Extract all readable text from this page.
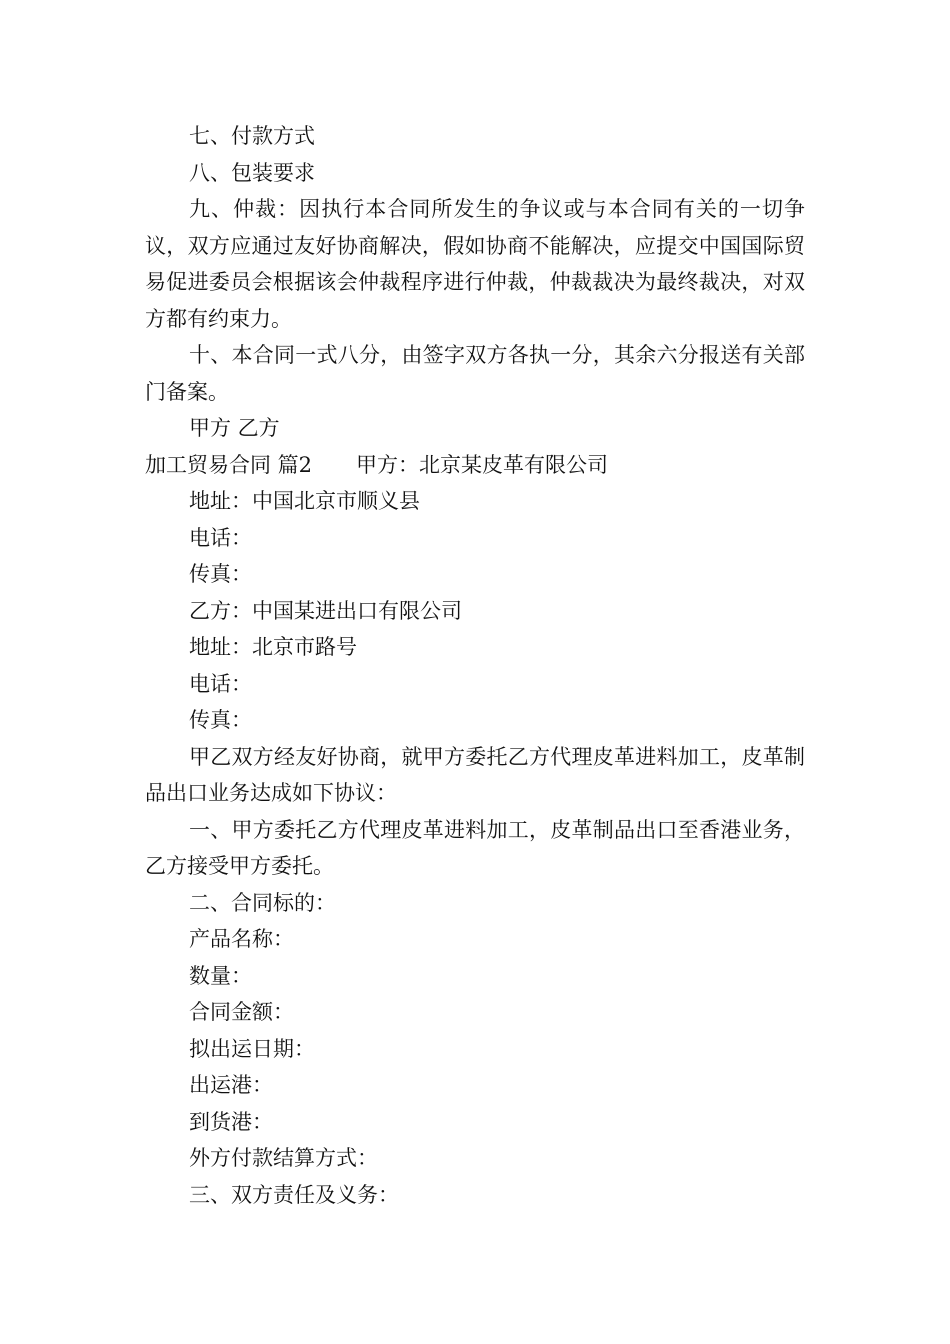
七、付款方式

八、包装要求

九、仲裁：因执行本合同所发生的争议或与本合同有关的一切争议，双方应通过友好协商解决，假如协商不能解决，应提交中国国际贸易促进委员会根据该会仲裁程序进行仲裁，仲裁裁决为最终裁决，对双方都有约束力。

十、本合同一式八分，由签字双方各执一分，其余六分报送有关部门备案。

甲方 乙方

加工贸易合同 篇2 甲方：北京某皮革有限公司

地址：中国北京市顺义县

电话：

传真：

乙方：中国某进出口有限公司

地址：北京市路号

电话：

传真：

甲乙双方经友好协商，就甲方委托乙方代理皮革进料加工，皮革制品出口业务达成如下协议：

一、甲方委托乙方代理皮革进料加工，皮革制品出口至香港业务，乙方接受甲方委托。

二、合同标的：

产品名称：

数量：

合同金额：

拟出运日期：

出运港：

到货港：

外方付款结算方式：

三、双方责任及义务：
